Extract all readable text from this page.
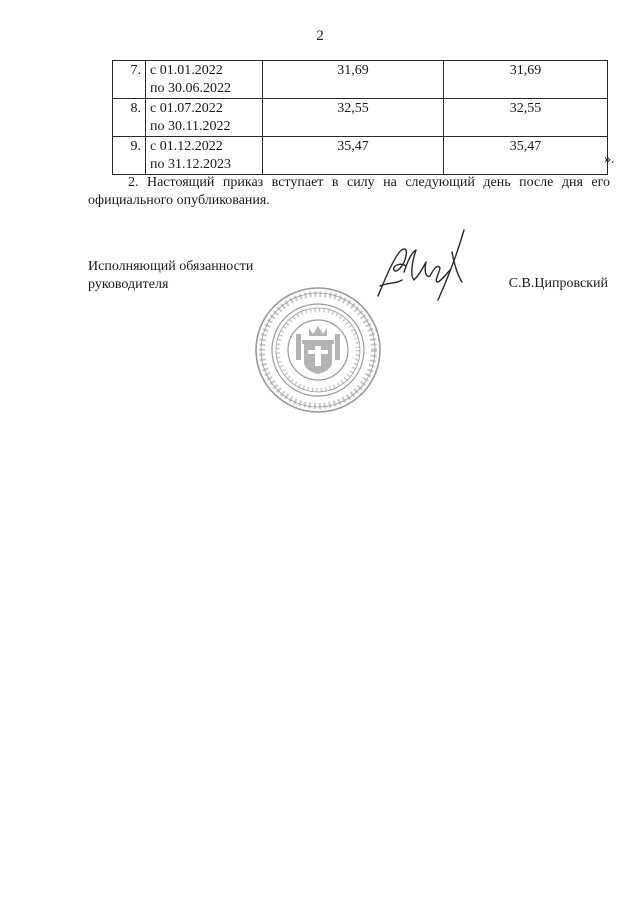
2
7.	с 01.01.2022
по 30.06.2022	31,69	31,69
8.	с 01.07.2022
по 30.11.2022	32,55	32,55
9.	с 01.12.2022
по 31.12.2023	35,47	35,47
».

2. Настоящий приказ вступает в силу на следующий день после дня его официального опубликования.

Исполняющий обязанности
руководителя	С.В.Ципровский
